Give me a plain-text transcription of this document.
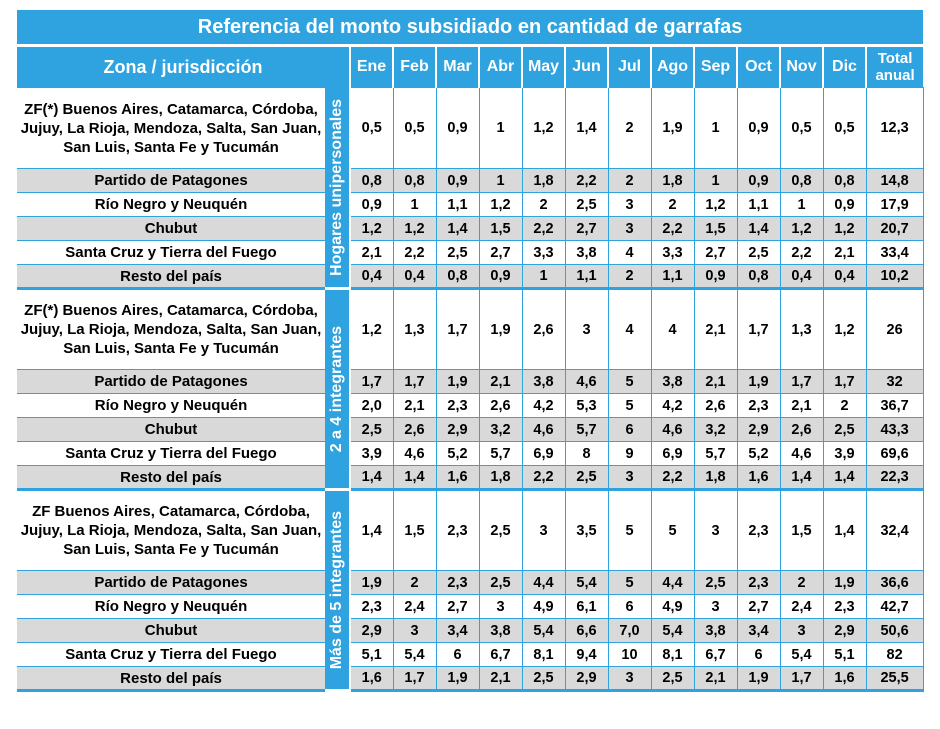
Referencia del monto subsidiado en cantidad de garrafas														
Zona / jurisdicción		Ene	Feb	Mar	Abr	May	Jun	Jul	Ago	Sep	Oct	Nov	Dic	Total
anual

ZF(*) Buenos Aires, Catamarca, Córdoba, Jujuy, La Rioja, Mendoza, Salta, San Juan, San Luis, Santa Fe y Tucumán	Hogares unipersonales	0,5	0,5	0,9	1	1,2	1,4	2	1,9	1	0,9	0,5	0,5	12,3
Partido de Patagones		0,8	0,8	0,9	1	1,8	2,2	2	1,8	1	0,9	0,8	0,8	14,8
Río Negro y Neuquén		0,9	1	1,1	1,2	2	2,5	3	2	1,2	1,1	1	0,9	17,9
Chubut		1,2	1,2	1,4	1,5	2,2	2,7	3	2,2	1,5	1,4	1,2	1,2	20,7
Santa Cruz y Tierra del Fuego		2,1	2,2	2,5	2,7	3,3	3,8	4	3,3	2,7	2,5	2,2	2,1	33,4
Resto del país		0,4	0,4	0,8	0,9	1	1,1	2	1,1	0,9	0,8	0,4	0,4	10,2
ZF(*) Buenos Aires, Catamarca, Córdoba, Jujuy, La Rioja, Mendoza, Salta, San Juan, San Luis, Santa Fe y Tucumán	2 a 4 integrantes	1,2	1,3	1,7	1,9	2,6	3	4	4	2,1	1,7	1,3	1,2	26
Partido de Patagones		1,7	1,7	1,9	2,1	3,8	4,6	5	3,8	2,1	1,9	1,7	1,7	32
Río Negro y Neuquén		2,0	2,1	2,3	2,6	4,2	5,3	5	4,2	2,6	2,3	2,1	2	36,7
Chubut		2,5	2,6	2,9	3,2	4,6	5,7	6	4,6	3,2	2,9	2,6	2,5	43,3
Santa Cruz y Tierra del Fuego		3,9	4,6	5,2	5,7	6,9	8	9	6,9	5,7	5,2	4,6	3,9	69,6
Resto del país		1,4	1,4	1,6	1,8	2,2	2,5	3	2,2	1,8	1,6	1,4	1,4	22,3
ZF Buenos Aires, Catamarca, Córdoba, Jujuy, La Rioja, Mendoza, Salta, San Juan, San Luis, Santa Fe y Tucumán	Más de 5 integrantes	1,4	1,5	2,3	2,5	3	3,5	5	5	3	2,3	1,5	1,4	32,4
Partido de Patagones		1,9	2	2,3	2,5	4,4	5,4	5	4,4	2,5	2,3	2	1,9	36,6
Río Negro y Neuquén		2,3	2,4	2,7	3	4,9	6,1	6	4,9	3	2,7	2,4	2,3	42,7
Chubut		2,9	3	3,4	3,8	5,4	6,6	7,0	5,4	3,8	3,4	3	2,9	50,6
Santa Cruz y Tierra del Fuego		5,1	5,4	6	6,7	8,1	9,4	10	8,1	6,7	6	5,4	5,1	82
Resto del país		1,6	1,7	1,9	2,1	2,5	2,9	3	2,5	2,1	1,9	1,7	1,6	25,5
